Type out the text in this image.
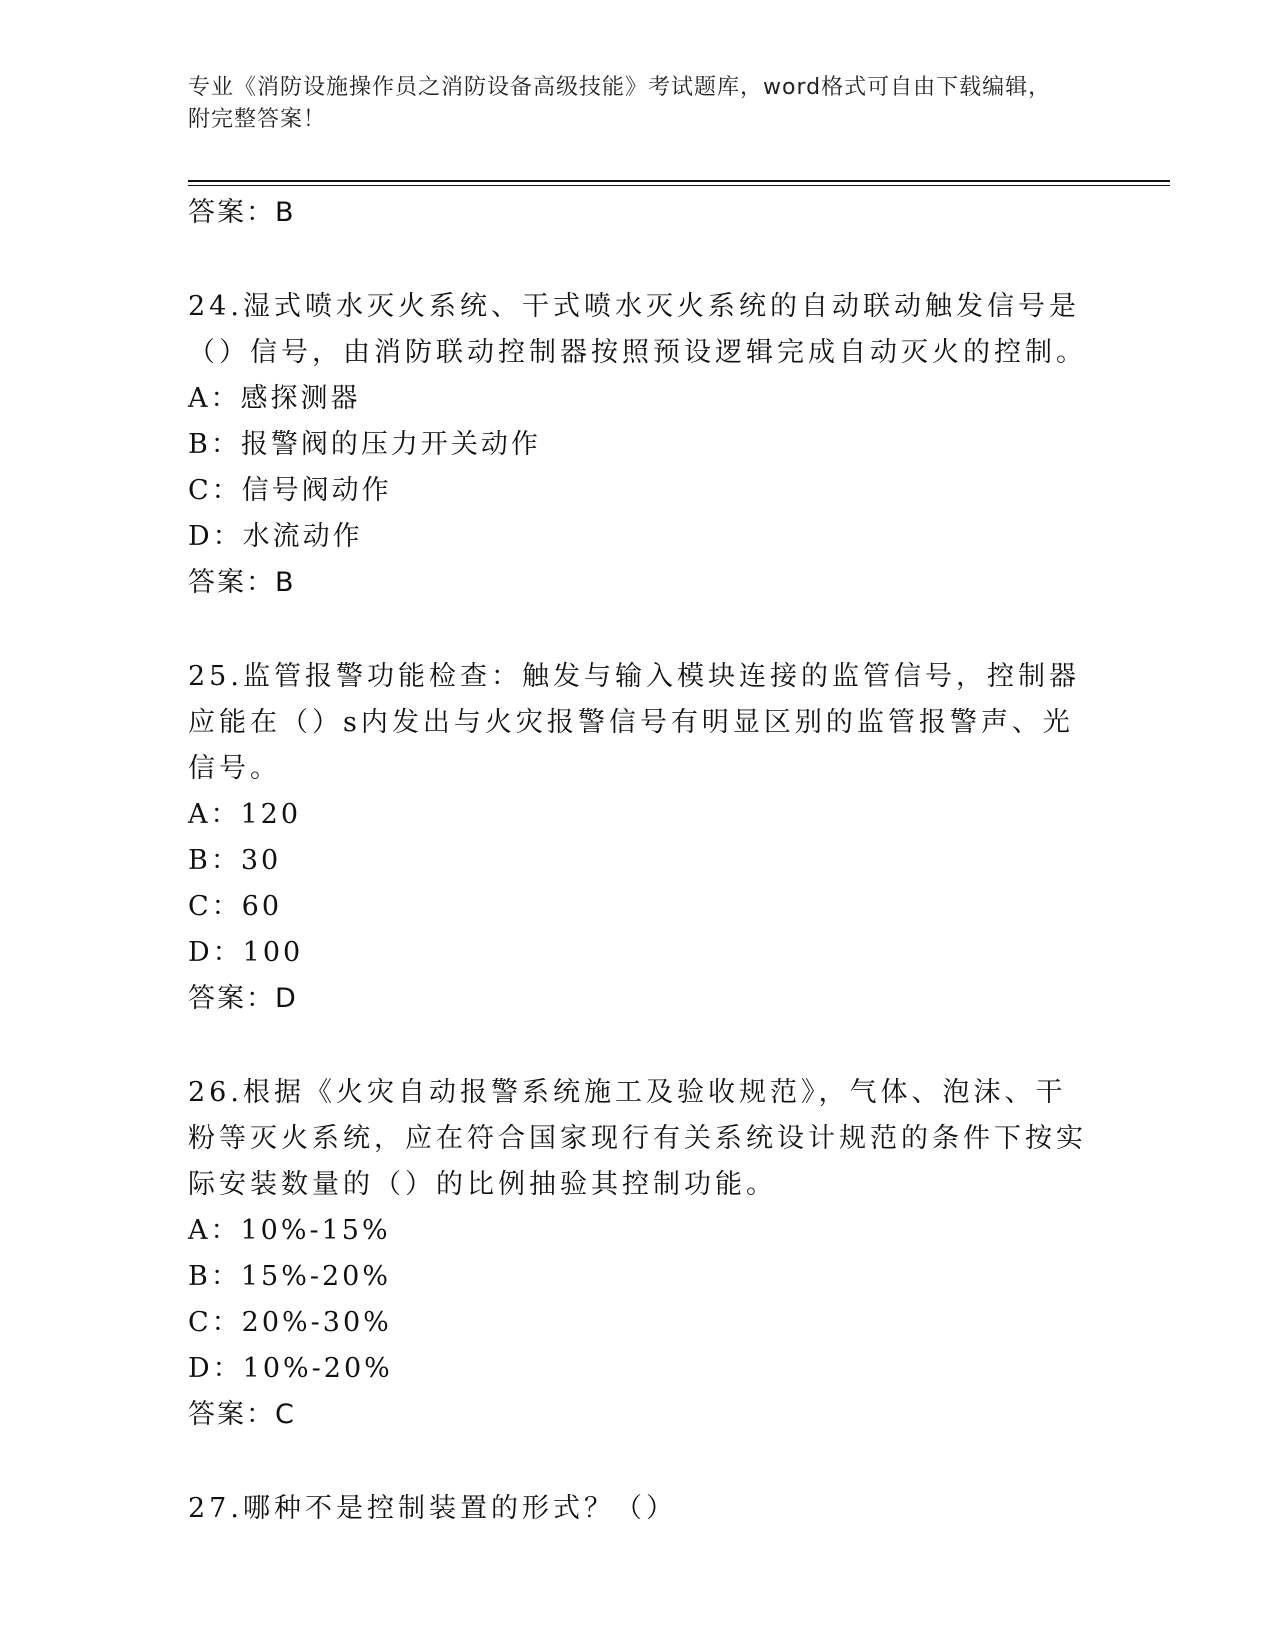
专业《消防设施操作员之消防设备高级技能》考试题库，word格式可自由下载编辑，附完整答案！
答案：B
24.湿式喷水灭火系统、干式喷水灭火系统的自动联动触发信号是（）信号，由消防联动控制器按照预设逻辑完成自动灭火的控制。
A：感探测器
B：报警阀的压力开关动作
C：信号阀动作
D：水流动作
答案：B
25.监管报警功能检查：触发与输入模块连接的监管信号，控制器应能在（）s内发出与火灾报警信号有明显区别的监管报警声、光信号。
A：120
B：30
C：60
D：100
答案：D
26.根据《火灾自动报警系统施工及验收规范》，气体、泡沫、干粉等灭火系统，应在符合国家现行有关系统设计规范的条件下按实际安装数量的（）的比例抽验其控制功能。
A：10%-15%
B：15%-20%
C：20%-30%
D：10%-20%
答案：C
27.哪种不是控制装置的形式？（）
